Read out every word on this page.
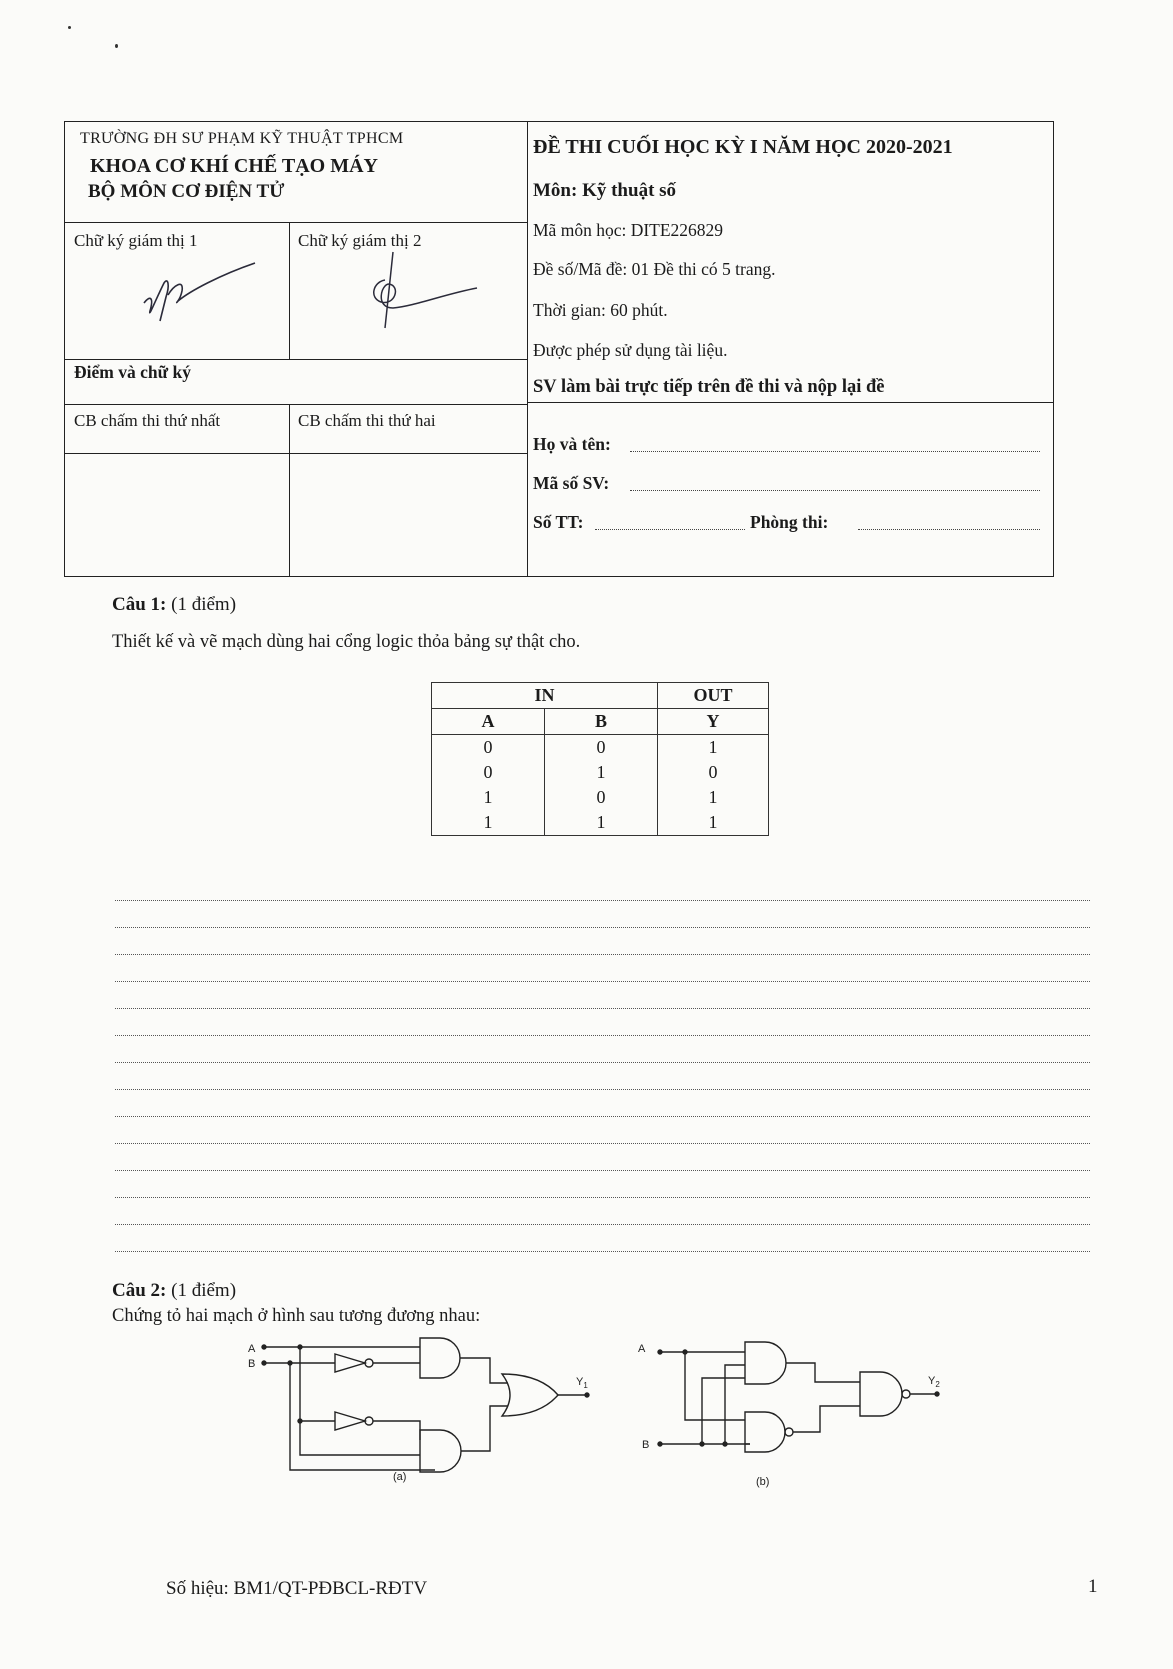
TRƯỜNG ĐH SƯ PHẠM KỸ THUẬT TPHCM
KHOA CƠ KHÍ CHẾ TẠO MÁY
BỘ MÔN CƠ ĐIỆN TỬ
Chữ ký giám thị 1	Chữ ký giám thị 2
Điểm và chữ ký
CB chấm thi thứ nhất	CB chấm thi thứ hai
ĐỀ THI CUỐI HỌC KỲ I NĂM HỌC 2020-2021
Môn: Kỹ thuật số
Mã môn học: DITE226829
Đề số/Mã đề: 01 Đề thi có 5 trang.
Thời gian: 60 phút.
Được phép sử dụng tài liệu.
SV làm bài trực tiếp trên đề thi và nộp lại đề
Họ và tên:
Mã số SV:
Số TT:	Phòng thi:
Câu 1: (1 điểm)
Thiết kế và vẽ mạch dùng hai cổng logic thỏa bảng sự thật cho.
IN		OUT
A	B	Y
0	0	1
0	1	0
1	0	1
1	1	1
Câu 2: (1 điểm)
Chứng tỏ hai mạch ở hình sau tương đương nhau:
A
B
$Y_1$
(a)
A
B
$Y_2$
(b)
Số hiệu: BM1/QT-PĐBCL-RĐTV	1
